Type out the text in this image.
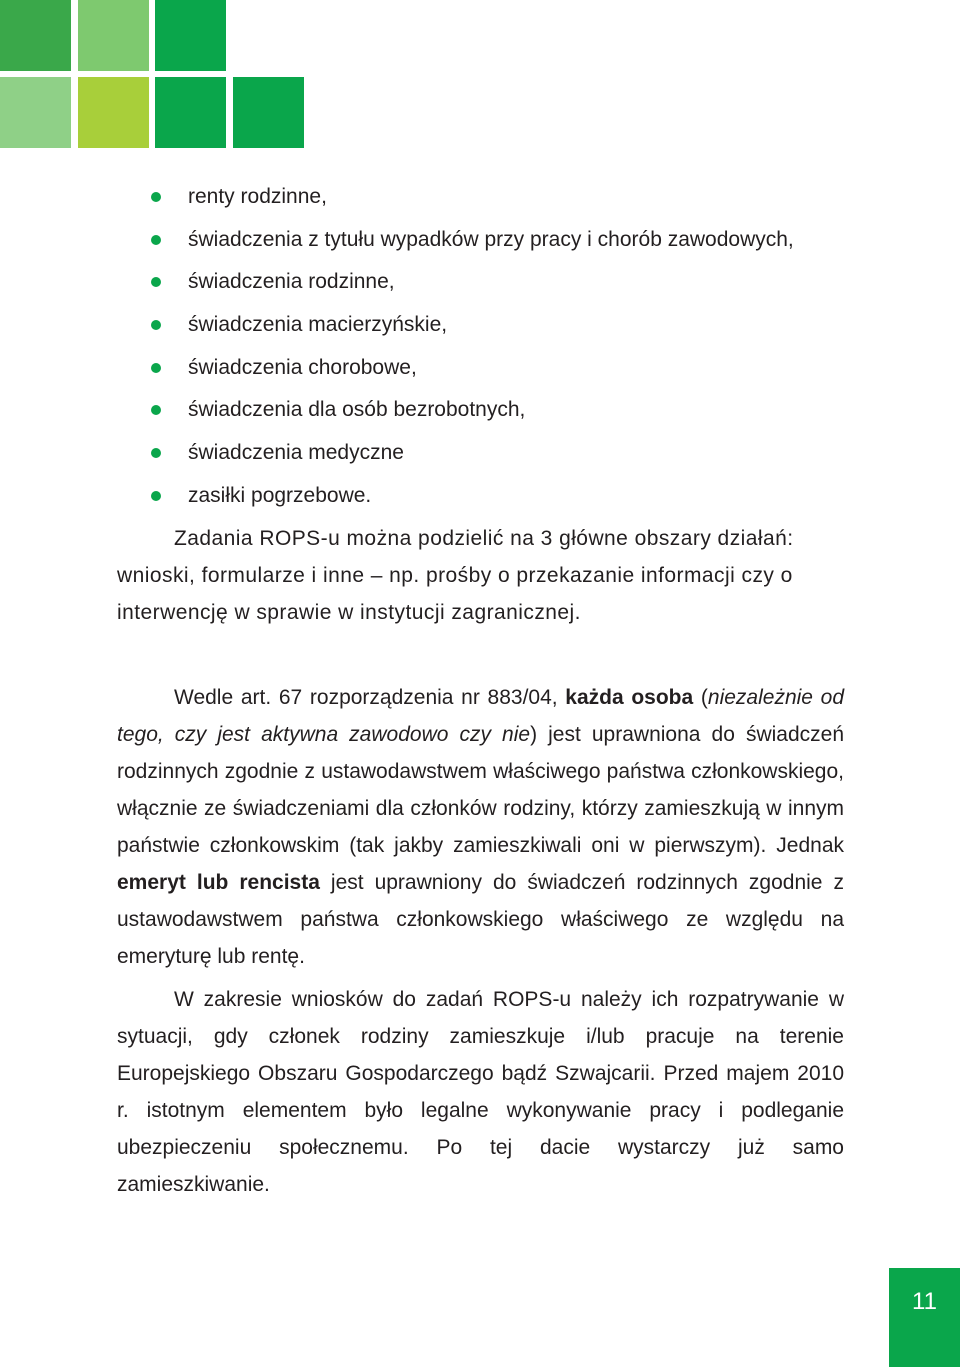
renty rodzinne,
świadczenia z tytułu wypadków przy pracy i chorób zawodowych,
świadczenia rodzinne,
świadczenia macierzyńskie,
świadczenia chorobowe,
świadczenia dla osób bezrobotnych,
świadczenia medyczne
zasiłki pogrzebowe.

Zadania ROPS-u można podzielić na 3 główne obszary działań: wnioski, formularze i inne – np. prośby o przekazanie informacji czy o interwencję w sprawie w instytucji zagranicznej.

Wedle art. 67 rozporządzenia nr 883/04, każda osoba (niezależnie od tego, czy jest aktywna zawodowo czy nie) jest uprawniona do świadczeń rodzinnych zgodnie z ustawodawstwem właściwego państwa członkowskiego, włącznie ze świadczeniami dla członków rodziny, którzy zamieszkują w innym państwie członkowskim (tak jakby zamieszkiwali oni w pierwszym). Jednak emeryt lub rencista jest uprawniony do świadczeń rodzinnych zgodnie z ustawodawstwem państwa członkowskiego właściwego ze względu na emeryturę lub rentę.

W zakresie wniosków do zadań ROPS-u należy ich rozpatrywanie w sytuacji, gdy członek rodziny zamieszkuje i/lub pracuje na terenie Europejskiego Obszaru Gospodarczego bądź Szwajcarii. Przed majem 2010 r. istotnym elementem było legalne wykonywanie pracy i podleganie ubezpieczeniu społecznemu. Po tej dacie wystarczy już samo zamieszkiwanie.

11
